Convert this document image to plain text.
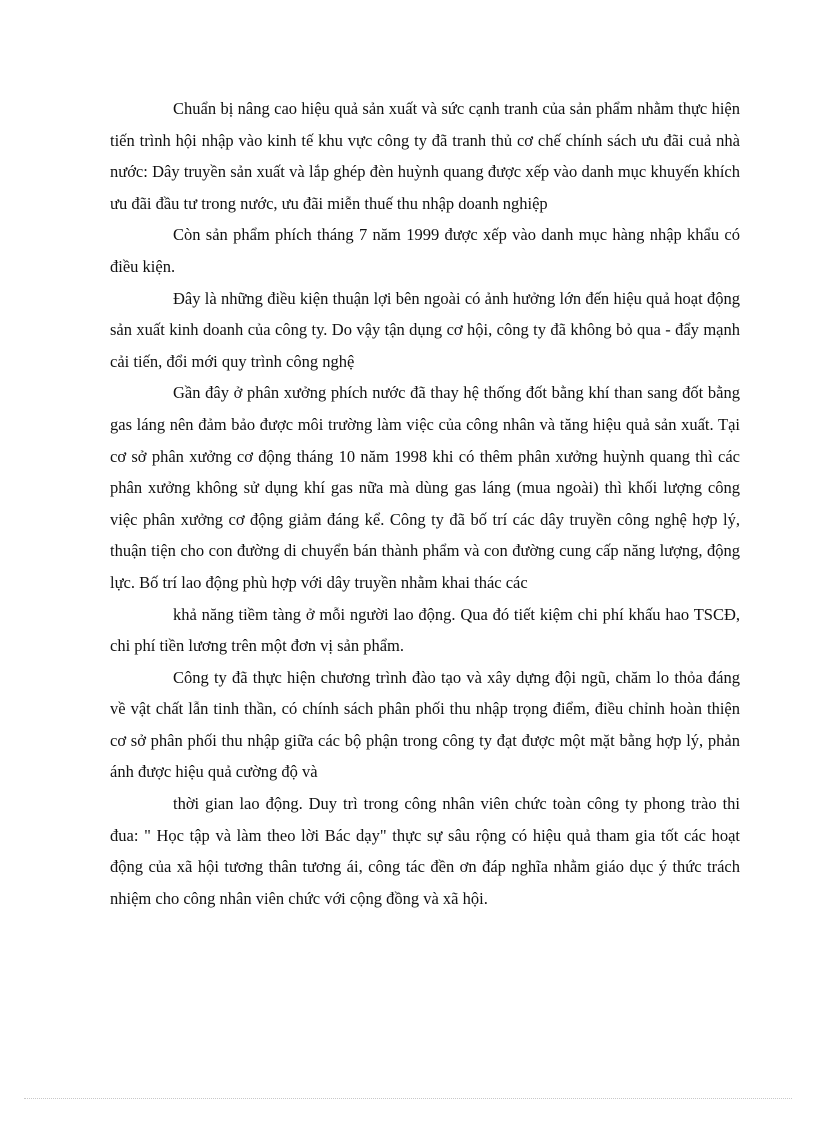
Chuẩn bị nâng cao hiệu quả sản xuất và sức cạnh tranh của sản phẩm nhằm thực hiện tiến trình hội nhập vào kinh tế khu vực công ty đã tranh thủ cơ chế chính sách ưu đãi cuả nhà nước: Dây truyền sản xuất và lắp ghép đèn huỳnh quang được xếp vào danh mục khuyến khích ưu đãi đầu tư trong nước, ưu đãi miễn thuế thu nhập doanh nghiệp

Còn sản phẩm phích tháng 7 năm 1999 được xếp vào danh mục hàng nhập khẩu có điều kiện.

Đây là những điều kiện thuận lợi bên ngoài có ảnh hưởng lớn đến hiệu quả hoạt động sản xuất kinh doanh của công ty. Do vậy tận dụng cơ hội, công ty đã không bỏ qua - đẩy mạnh cải tiến, đổi mới quy trình công nghệ

Gần đây ở phân xưởng phích nước đã thay hệ thống đốt bằng khí than sang đốt bằng gas láng nên đảm bảo được môi trường làm việc của công nhân và tăng hiệu quả sản xuất. Tại cơ sở phân xưởng cơ động tháng 10 năm 1998 khi có thêm phân xưởng huỳnh quang thì các phân xưởng không sử dụng khí gas nữa mà dùng gas láng (mua ngoài) thì khối lượng công việc phân xưởng cơ động giảm đáng kể. Công ty đã bố trí các dây truyền công nghệ hợp lý, thuận tiện cho con đường di chuyển bán thành phẩm và con đường cung cấp năng lượng, động lực. Bố trí lao động phù hợp với dây truyền nhằm khai thác các

khả năng tiềm tàng ở mỗi người lao động. Qua đó tiết kiệm chi phí khấu hao TSCĐ, chi phí tiền lương trên một đơn vị sản phẩm.

Công ty đã thực hiện chương trình đào tạo và xây dựng đội ngũ, chăm lo thỏa đáng về vật chất lẫn tinh thần, có chính sách phân phối thu nhập trọng điểm, điều chỉnh hoàn thiện cơ sở phân phối thu nhập giữa các bộ phận trong công ty đạt được một mặt bằng hợp lý, phản ánh được hiệu quả cường độ và

thời gian lao động. Duy trì trong công nhân viên chức toàn công ty phong trào thi đua: " Học tập và làm theo lời Bác dạy" thực sự sâu rộng có hiệu quả tham gia tốt các hoạt động của xã hội tương thân tương ái, công tác đền ơn đáp nghĩa nhằm giáo dục ý thức trách nhiệm cho công nhân viên chức với cộng đồng và xã hội.
